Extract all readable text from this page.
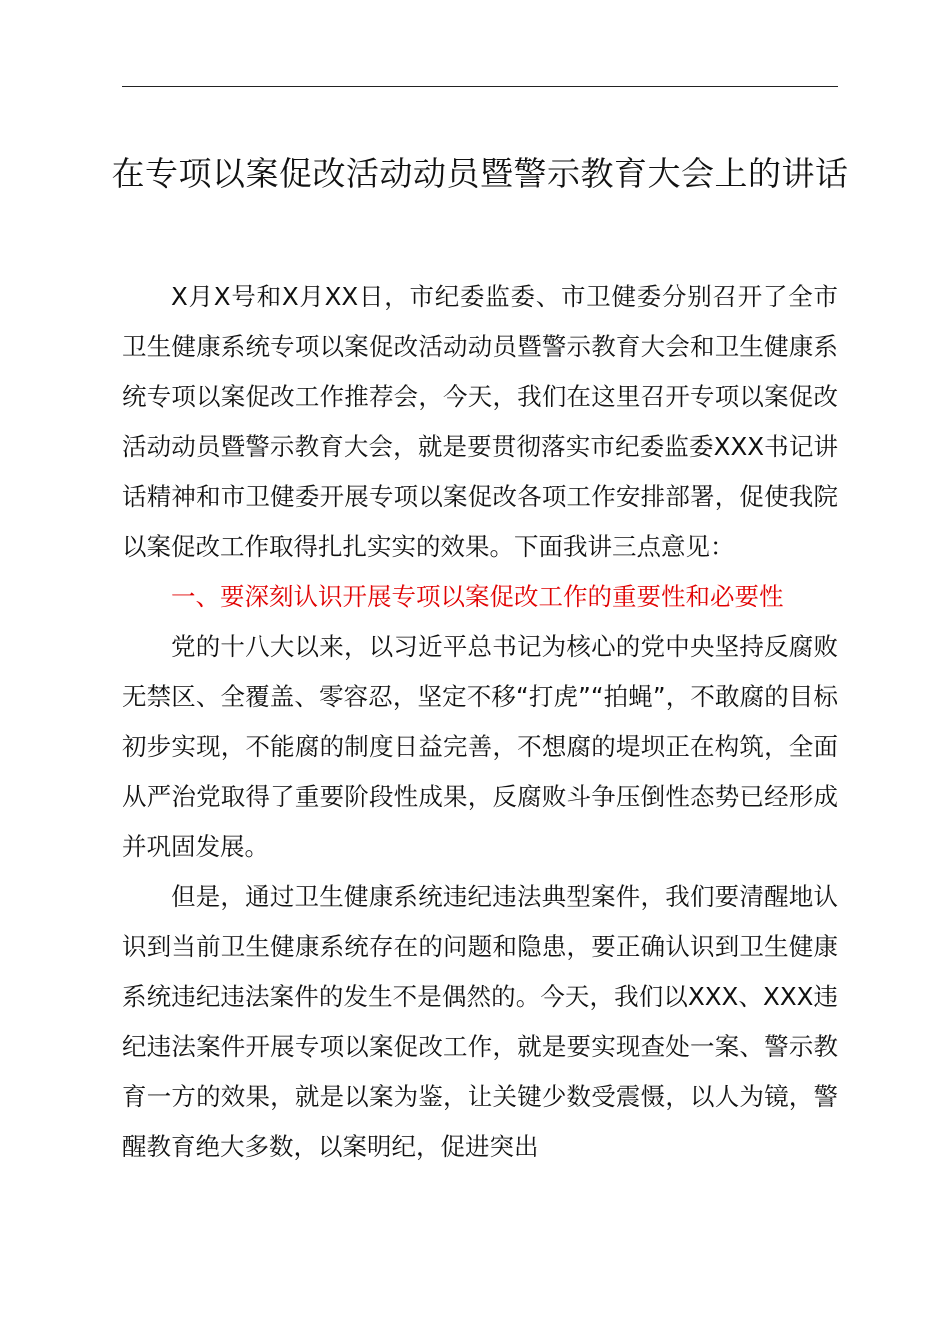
在专项以案促改活动动员暨警示教育大会上的讲话

X月X号和X月XX日，市纪委监委、市卫健委分别召开了全市卫生健康系统专项以案促改活动动员暨警示教育大会和卫生健康系统专项以案促改工作推荐会，今天，我们在这里召开专项以案促改活动动员暨警示教育大会，就是要贯彻落实市纪委监委XXX书记讲话精神和市卫健委开展专项以案促改各项工作安排部署，促使我院以案促改工作取得扎扎实实的效果。下面我讲三点意见：

一、要深刻认识开展专项以案促改工作的重要性和必要性

党的十八大以来，以习近平总书记为核心的党中央坚持反腐败无禁区、全覆盖、零容忍，坚定不移“打虎”“拍蝇”，不敢腐的目标初步实现，不能腐的制度日益完善，不想腐的堤坝正在构筑，全面从严治党取得了重要阶段性成果，反腐败斗争压倒性态势已经形成并巩固发展。

但是，通过卫生健康系统违纪违法典型案件，我们要清醒地认识到当前卫生健康系统存在的问题和隐患，要正确认识到卫生健康系统违纪违法案件的发生不是偶然的。今天，我们以XXX、XXX违纪违法案件开展专项以案促改工作，就是要实现查处一案、警示教育一方的效果，就是以案为鉴，让关键少数受震慑，以人为镜，警醒教育绝大多数，以案明纪，促进突出
